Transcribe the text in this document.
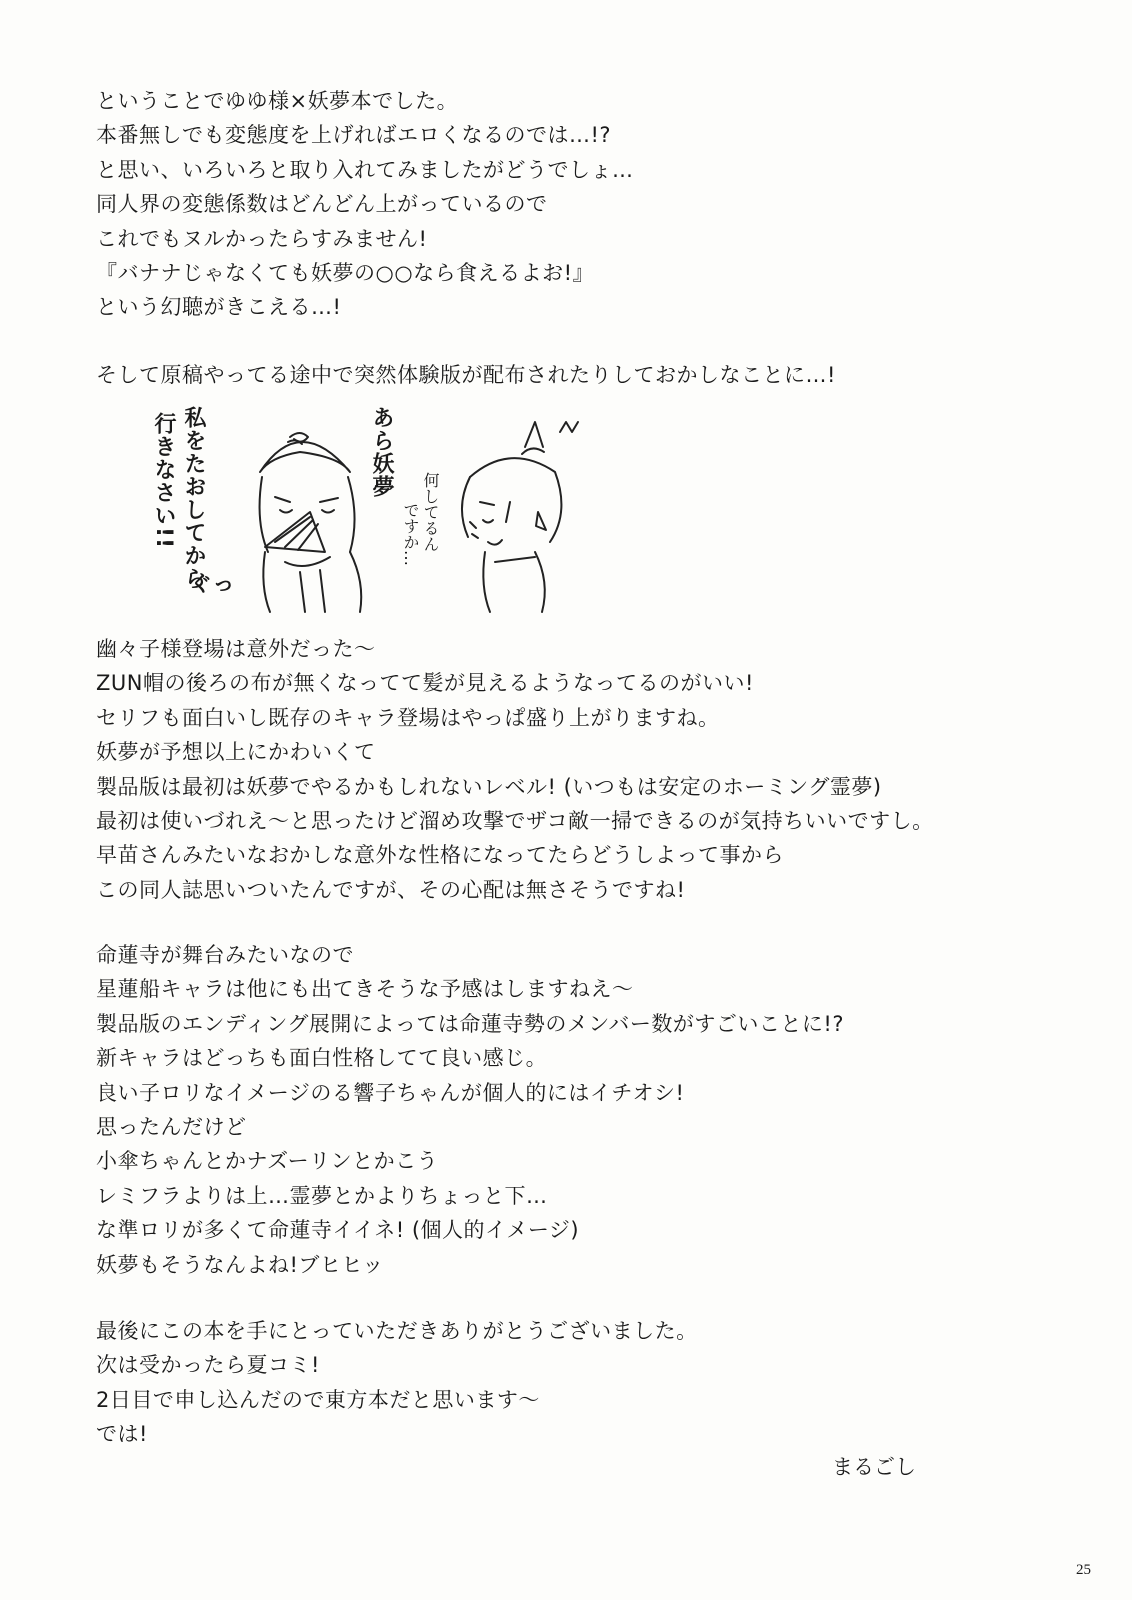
ということでゆゆ様×妖夢本でした。
本番無しでも変態度を上げればエロくなるのでは…!?
と思い、いろいろと取り入れてみましたがどうでしょ…
同人界の変態係数はどんどん上がっているので
これでもヌルかったらすみません!
『バナナじゃなくても妖夢の○○なら食えるよお!』
という幻聴がきこえる…!
そして原稿やってる途中で突然体験版が配布されたりしておかしなことに…!
行きなさい!! 私をたおしてから	あら妖夢
ぐっ
何してるん
ですか…
幽々子様登場は意外だった〜
ZUN帽の後ろの布が無くなってて髪が見えるようなってるのがいい!
セリフも面白いし既存のキャラ登場はやっぱ盛り上がりますね。
妖夢が予想以上にかわいくて
製品版は最初は妖夢でやるかもしれないレベル! (いつもは安定のホーミング霊夢)
最初は使いづれえ〜と思ったけど溜め攻撃でザコ敵一掃できるのが気持ちいいですし。
早苗さんみたいなおかしな意外な性格になってたらどうしよって事から
この同人誌思いついたんですが、その心配は無さそうですね!
命蓮寺が舞台みたいなので
星蓮船キャラは他にも出てきそうな予感はしますねえ〜
製品版のエンディング展開によっては命蓮寺勢のメンバー数がすごいことに!?
新キャラはどっちも面白性格してて良い感じ。
良い子ロリなイメージのる響子ちゃんが個人的にはイチオシ!
思ったんだけど
小傘ちゃんとかナズーリンとかこう
レミフラよりは上…霊夢とかよりちょっと下…
な準ロリが多くて命蓮寺イイネ! (個人的イメージ)
妖夢もそうなんよね!ブヒヒッ
最後にこの本を手にとっていただきありがとうございました。
次は受かったら夏コミ!
2日目で申し込んだので東方本だと思います〜
では!
まるごし
25
